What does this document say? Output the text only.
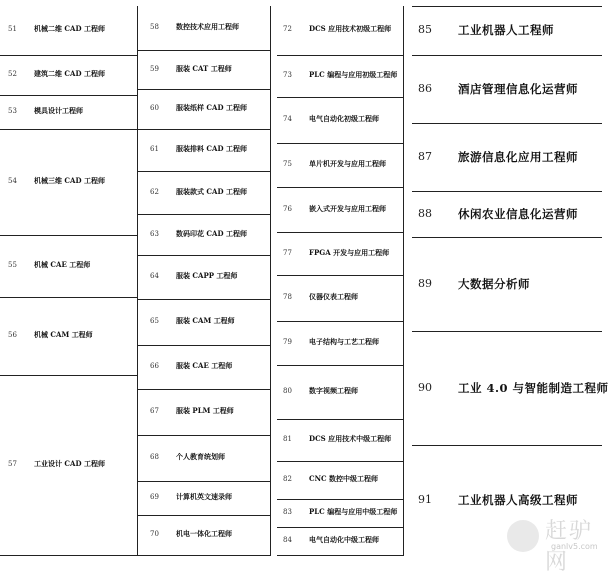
51 机械二维 CAD 工程师
52 建筑二维 CAD 工程师
53 模具设计工程师
54 机械三维 CAD 工程师
55 机械 CAE 工程师
56 机械 CAM 工程师
57 工业设计 CAD 工程师
58 数控技术应用工程师
59 服装 CAT 工程师
60 服装纸样 CAD 工程师
61 服装排料 CAD 工程师
62 服装款式 CAD 工程师
63 数码印花 CAD 工程师
64 服装 CAPP 工程师
65 服装 CAM 工程师
66 服装 CAE 工程师
67 服装 PLM 工程师
68 个人教育统划师
69 计算机英文速录师
70 机电一体化工程师
72 DCS 应用技术初级工程师
73 PLC 编程与应用初级工程师
74 电气自动化初级工程师
75 单片机开发与应用工程师
76 嵌入式开发与应用工程师
77 FPGA 开发与应用工程师
78 仪器仪表工程师
79 电子结构与工艺工程师
80 数字视频工程师
81 DCS 应用技术中级工程师
82 CNC 数控中级工程师
83 PLC 编程与应用中级工程师
84 电气自动化中级工程师
85 工业机器人工程师
86 酒店管理信息化运营师
87 旅游信息化应用工程师
88 休闲农业信息化运营师
89 大数据分析师
90 工业 4.0 与智能制造工程师
91 工业机器人高级工程师
赶驴网
ganlv5.com
